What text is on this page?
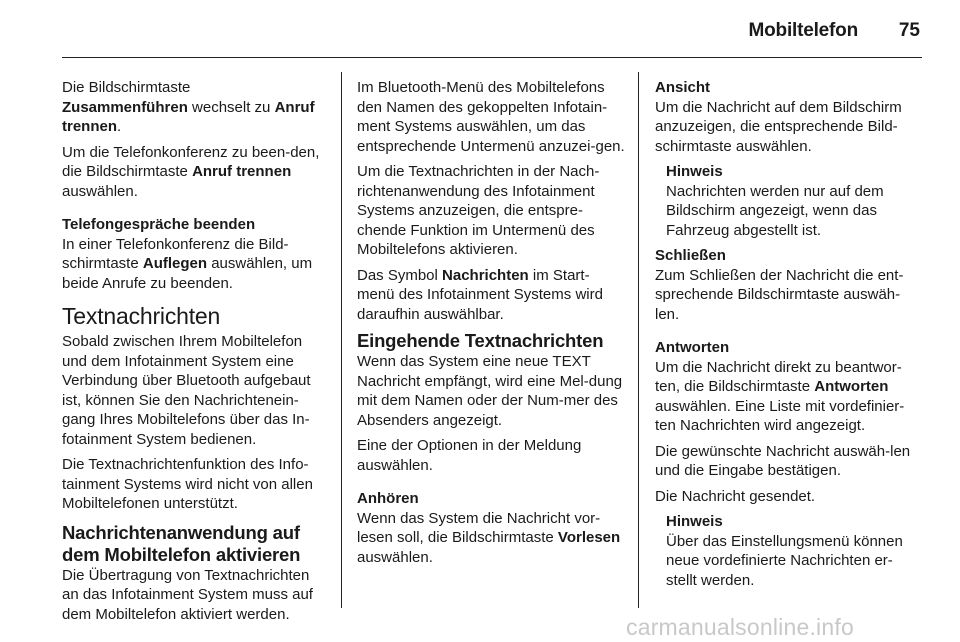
Mobiltelefon	75

Die Bildschirmtaste
Zusammenführen wechselt zu Anruf trennen.

Um die Telefonkonferenz zu been-den, die Bildschirmtaste Anruf trennen auswählen.

Telefongespräche beenden

In einer Telefonkonferenz die Bild-schirmtaste Auflegen auswählen, um beide Anrufe zu beenden.

Textnachrichten

Sobald zwischen Ihrem Mobiltelefon und dem Infotainment System eine Verbindung über Bluetooth aufgebaut ist, können Sie den Nachrichtenein-gang Ihres Mobiltelefons über das In-fotainment System bedienen.

Die Textnachrichtenfunktion des Info-tainment Systems wird nicht von allen Mobiltelefonen unterstützt.

Nachrichtenanwendung auf dem Mobiltelefon aktivieren

Die Übertragung von Textnachrichten an das Infotainment System muss auf dem Mobiltelefon aktiviert werden.

Im Bluetooth-Menü des Mobiltelefons den Namen des gekoppelten Infotain-ment Systems auswählen, um das entsprechende Untermenü anzuzei-gen.

Um die Textnachrichten in der Nach-richtenanwendung des Infotainment Systems anzuzeigen, die entspre-chende Funktion im Untermenü des Mobiltelefons aktivieren.

Das Symbol Nachrichten im Start-menü des Infotainment Systems wird daraufhin auswählbar.

Eingehende Textnachrichten

Wenn das System eine neue TEXT Nachricht empfängt, wird eine Mel-dung mit dem Namen oder der Num-mer des Absenders angezeigt.

Eine der Optionen in der Meldung auswählen.

Anhören

Wenn das System die Nachricht vor-lesen soll, die Bildschirmtaste Vorlesen auswählen.

Ansicht

Um die Nachricht auf dem Bildschirm anzuzeigen, die entsprechende Bild-schirmtaste auswählen.

Hinweis

Nachrichten werden nur auf dem Bildschirm angezeigt, wenn das Fahrzeug abgestellt ist.

Schließen

Zum Schließen der Nachricht die ent-sprechende Bildschirmtaste auswäh-len.

Antworten

Um die Nachricht direkt zu beantwor-ten, die Bildschirmtaste Antworten auswählen. Eine Liste mit vordefinier-ten Nachrichten wird angezeigt.

Die gewünschte Nachricht auswäh-len und die Eingabe bestätigen.

Die Nachricht gesendet.

Hinweis

Über das Einstellungsmenü können neue vordefinierte Nachrichten er-stellt werden.

carmanualsonline.info
